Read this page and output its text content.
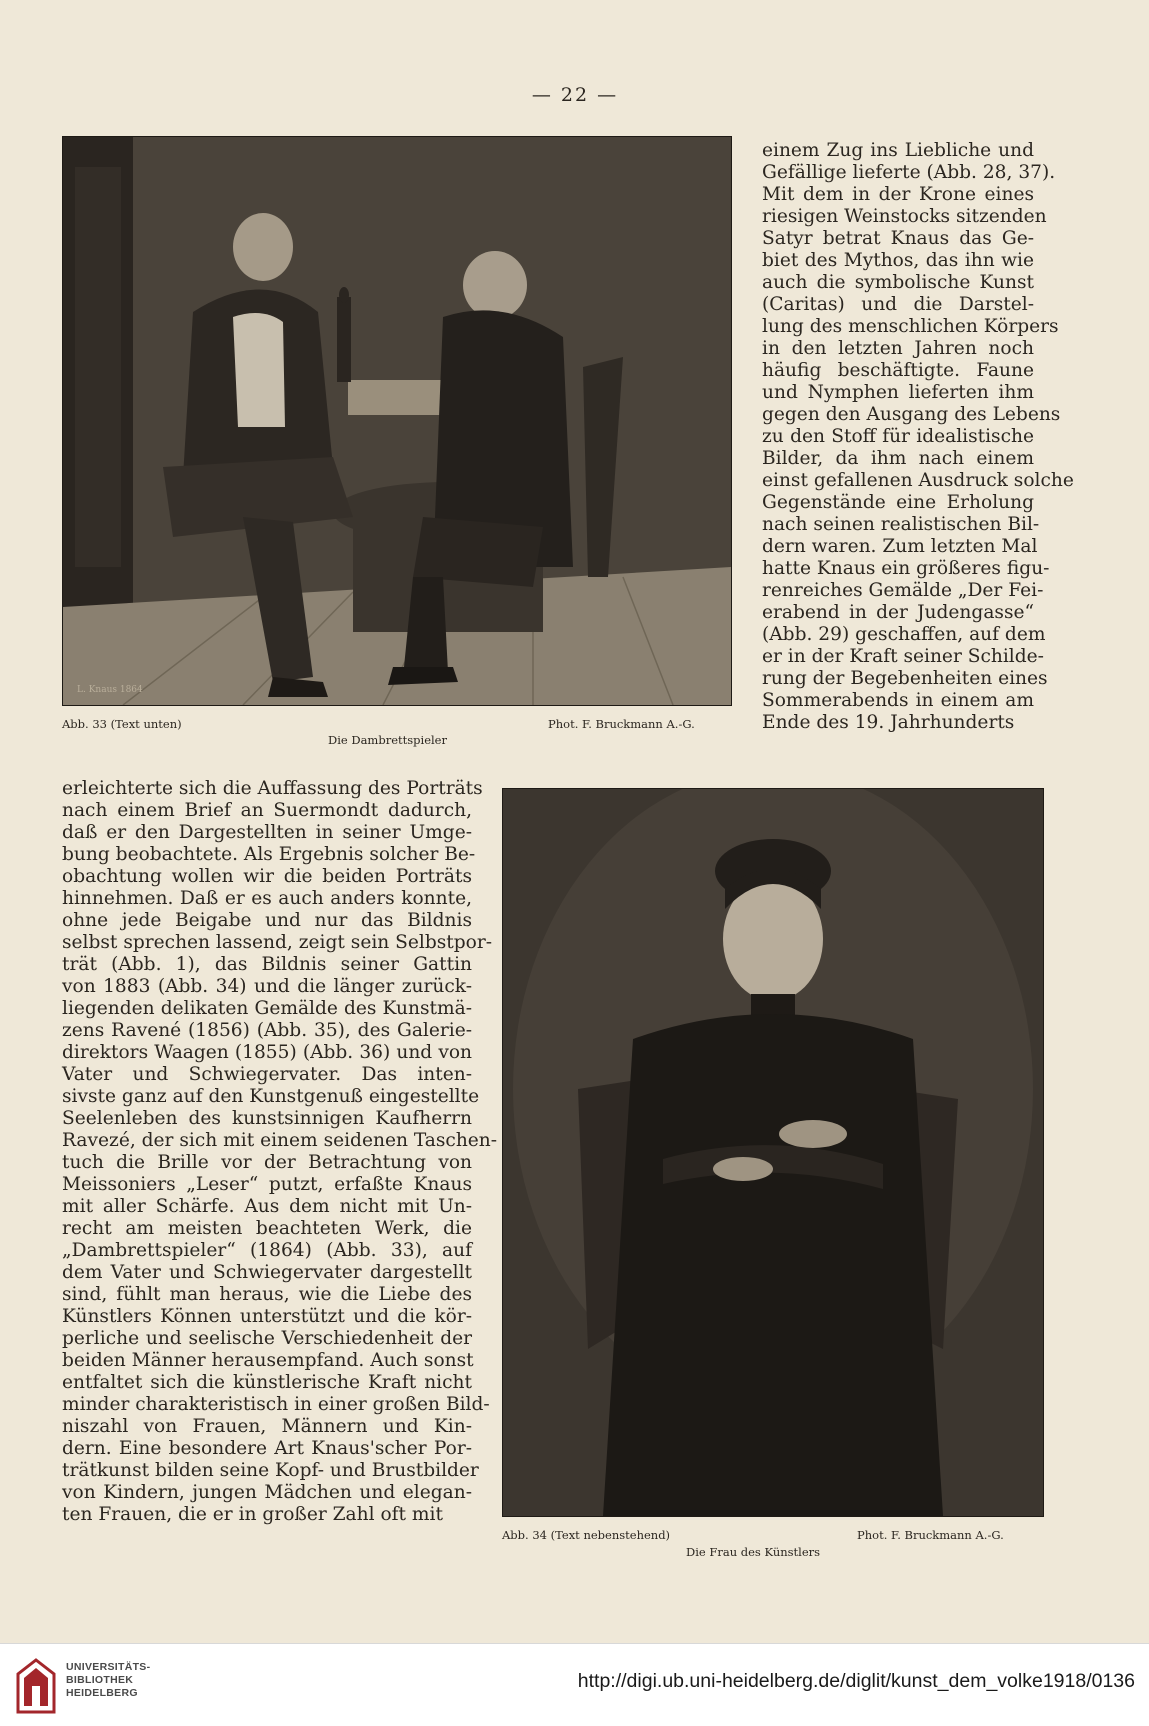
— 22 —
L. Knaus 1864
Abb. 33 (Text unten)	Phot. F. Bruckmann A.-G.
Die Dambrettspieler
Abb. 34 (Text nebenstehend)	Phot. F. Bruckmann A.-G.
Die Frau des Künstlers
einem Zug ins Liebliche und
Gefällige lieferte (Abb. 28, 37).
Mit dem in der Krone eines
riesigen Weinstocks sitzenden
Satyr betrat Knaus das Ge-
biet des Mythos, das ihn wie
auch die symbolische Kunst
(Caritas) und die Darstel-
lung des menschlichen Körpers
in den letzten Jahren noch
häufig beschäftigte. Faune
und Nymphen lieferten ihm
gegen den Ausgang des Lebens
zu den Stoff für idealistische
Bilder, da ihm nach einem
einst gefallenen Ausdruck solche
Gegenstände eine Erholung
nach seinen realistischen Bil-
dern waren. Zum letzten Mal
hatte Knaus ein größeres figu-
renreiches Gemälde „Der Fei-
erabend in der Judengasse“
(Abb. 29) geschaffen, auf dem
er in der Kraft seiner Schilde-
rung der Begebenheiten eines
Sommerabends in einem am
Ende des 19. Jahrhunderts
erleichterte sich die Auffassung des Porträts
nach einem Brief an Suermondt dadurch,
daß er den Dargestellten in seiner Umge-
bung beobachtete. Als Ergebnis solcher Be-
obachtung wollen wir die beiden Porträts
hinnehmen. Daß er es auch anders konnte,
ohne jede Beigabe und nur das Bildnis
selbst sprechen lassend, zeigt sein Selbstpor-
trät (Abb. 1), das Bildnis seiner Gattin
von 1883 (Abb. 34) und die länger zurück-
liegenden delikaten Gemälde des Kunstmä-
zens Ravené (1856) (Abb. 35), des Galerie-
direktors Waagen (1855) (Abb. 36) und von
Vater und Schwiegervater. Das inten-
sivste ganz auf den Kunstgenuß eingestellte
Seelenleben des kunstsinnigen Kaufherrn
Ravezé, der sich mit einem seidenen Taschen-
tuch die Brille vor der Betrachtung von
Meissoniers „Leser“ putzt, erfaßte Knaus
mit aller Schärfe. Aus dem nicht mit Un-
recht am meisten beachteten Werk, die
„Dambrettspieler“ (1864) (Abb. 33), auf
dem Vater und Schwiegervater dargestellt
sind, fühlt man heraus, wie die Liebe des
Künstlers Können unterstützt und die kör-
perliche und seelische Verschiedenheit der
beiden Männer herausempfand. Auch sonst
entfaltet sich die künstlerische Kraft nicht
minder charakteristisch in einer großen Bild-
niszahl von Frauen, Männern und Kin-
dern. Eine besondere Art Knaus'scher Por-
trätkunst bilden seine Kopf- und Brustbilder
von Kindern, jungen Mädchen und elegan-
ten Frauen, die er in großer Zahl oft mit
UNIVERSITÄTS-
BIBLIOTHEK
HEIDELBERG
http://digi.ub.uni-heidelberg.de/diglit/kunst_dem_volke1918/0136
